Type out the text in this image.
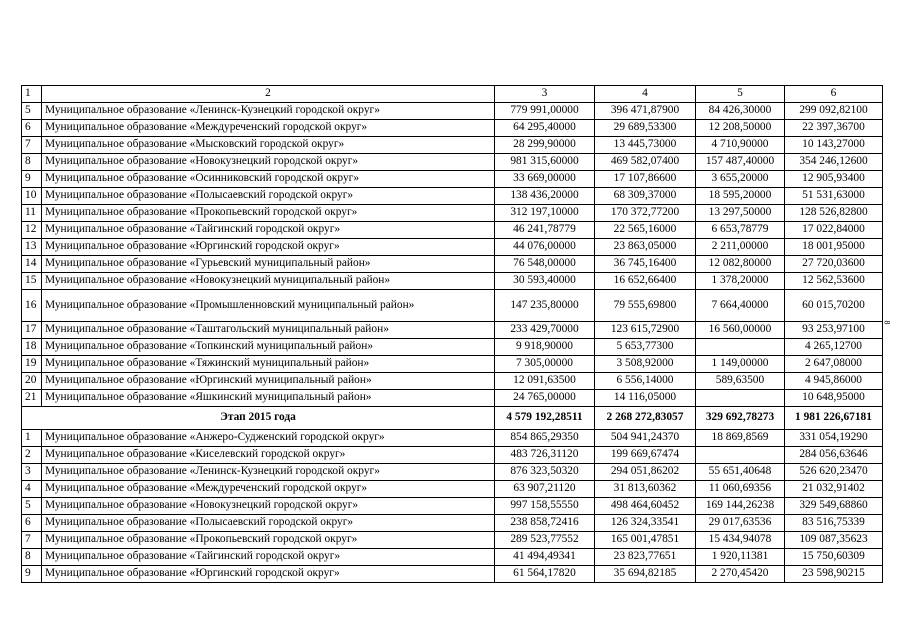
1	2	3	4	5	6
5	Муниципальное образование «Ленинск-Кузнецкий городской округ»	779 991,00000	396 471,87900	84 426,30000	299 092,82100
6	Муниципальное образование «Междуреченский городской округ»	64 295,40000	29 689,53300	12 208,50000	22 397,36700
7	Муниципальное образование «Мысковский городской округ»	28 299,90000	13 445,73000	4 710,90000	10 143,27000
8	Муниципальное образование «Новокузнецкий городской округ»	981 315,60000	469 582,07400	157 487,40000	354 246,12600
9	Муниципальное образование «Осинниковский городской округ»	33 669,00000	17 107,86600	3 655,20000	12 905,93400
10	Муниципальное образование «Полысаевский городской округ»	138 436,20000	68 309,37000	18 595,20000	51 531,63000
11	Муниципальное образование «Прокопьевский городской округ»	312 197,10000	170 372,77200	13 297,50000	128 526,82800
12	Муниципальное образование «Тайгинский городской округ»	46 241,78779	22 565,16000	6 653,78779	17 022,84000
13	Муниципальное образование «Юргинский городской округ»	44 076,00000	23 863,05000	2 211,00000	18 001,95000
14	Муниципальное образование «Гурьевский муниципальный район»	76 548,00000	36 745,16400	12 082,80000	27 720,03600
15	Муниципальное образование «Новокузнецкий муниципальный район»	30 593,40000	16 652,66400	1 378,20000	12 562,53600
16	Муниципальное образование «Промышленновский муниципальный район»	147 235,80000	79 555,69800	7 664,40000	60 015,70200
17	Муниципальное образование «Таштагольский муниципальный район»	233 429,70000	123 615,72900	16 560,00000	93 253,97100
18	Муниципальное образование «Топкинский муниципальный район»	9 918,90000	5 653,77300		4 265,12700
19	Муниципальное образование «Тяжинский муниципальный район»	7 305,00000	3 508,92000	1 149,00000	2 647,08000
20	Муниципальное образование «Юргинский муниципальный район»	12 091,63500	6 556,14000	589,63500	4 945,86000
21	Муниципальное образование «Яшкинский муниципальный район»	24 765,00000	14 116,05000		10 648,95000
Этап 2015 года		4 579 192,28511	2 268 272,83057	329 692,78273	1 981 226,67181
1	Муниципальное образование «Анжеро-Судженский городской округ»	854 865,29350	504 941,24370	18 869,8569	331 054,19290
2	Муниципальное образование «Киселевский городской округ»	483 726,31120	199 669,67474		284 056,63646
3	Муниципальное образование «Ленинск-Кузнецкий городской округ»	876 323,50320	294 051,86202	55 651,40648	526 620,23470
4	Муниципальное образование «Междуреченский городской округ»	63 907,21120	31 813,60362	11 060,69356	21 032,91402
5	Муниципальное образование «Новокузнецкий городской округ»	997 158,55550	498 464,60452	169 144,26238	329 549,68860
6	Муниципальное образование «Полысаевский городской округ»	238 858,72416	126 324,33541	29 017,63536	83 516,75339
7	Муниципальное образование «Прокопьевский городской округ»	289 523,77552	165 001,47851	15 434,94078	109 087,35623
8	Муниципальное образование «Тайгинский городской округ»	41 494,49341	23 823,77651	1 920,11381	15 750,60309
9	Муниципальное образование «Юргинский городской округ»	61 564,17820	35 694,82185	2 270,45420	23 598,90215
8
